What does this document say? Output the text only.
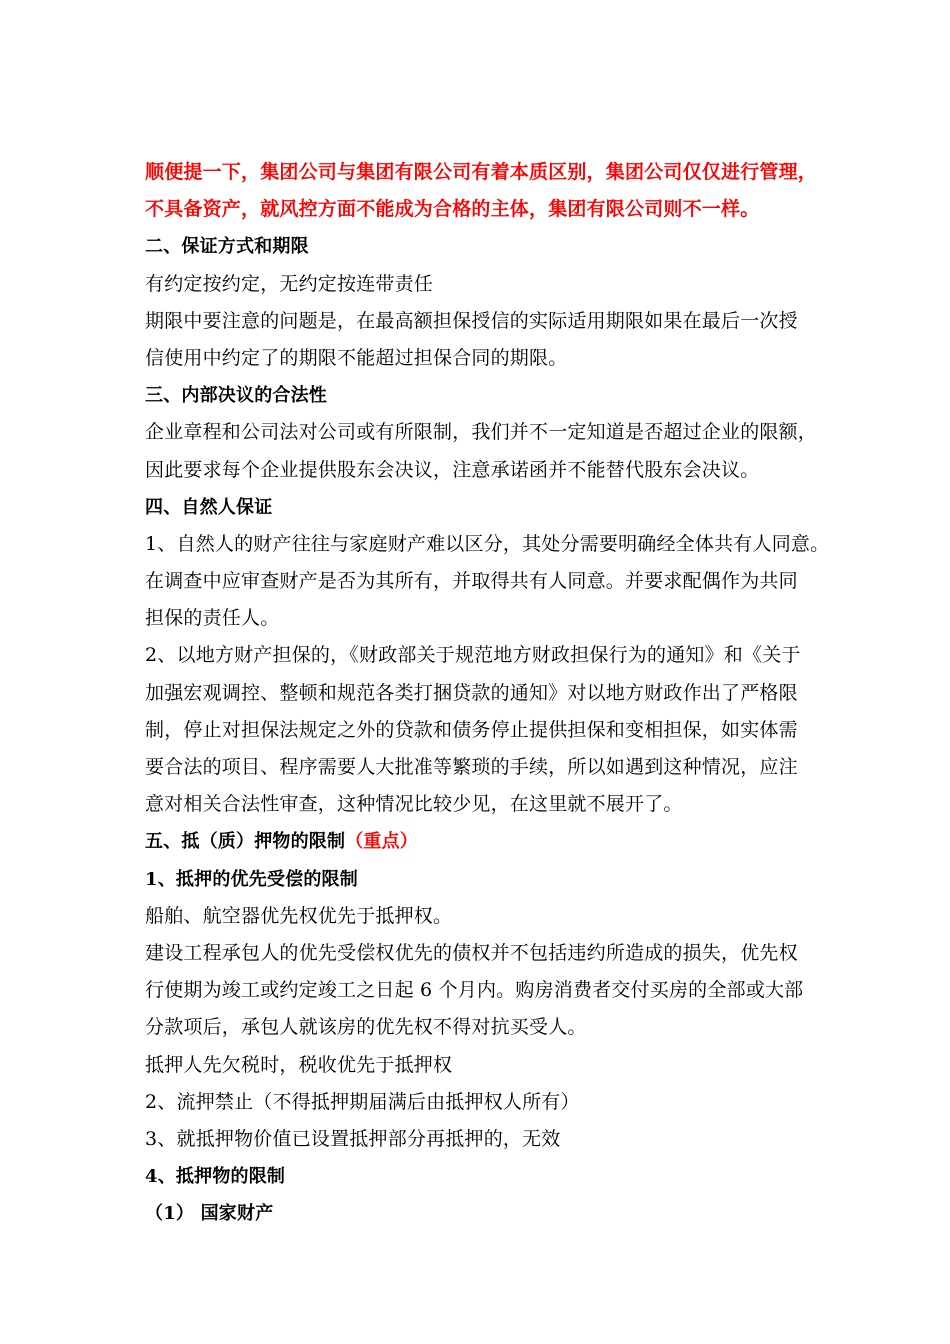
顺便提一下，集团公司与集团有限公司有着本质区别，集团公司仅仅进行管理，
不具备资产，就风控方面不能成为合格的主体，集团有限公司则不一样。
二、保证方式和期限
有约定按约定，无约定按连带责任
期限中要注意的问题是，在最高额担保授信的实际适用期限如果在最后一次授
信使用中约定了的期限不能超过担保合同的期限。
三、内部决议的合法性
企业章程和公司法对公司或有所限制，我们并不一定知道是否超过企业的限额，
因此要求每个企业提供股东会决议，注意承诺函并不能替代股东会决议。
四、自然人保证
1、自然人的财产往往与家庭财产难以区分，其处分需要明确经全体共有人同意。
在调查中应审查财产是否为其所有，并取得共有人同意。并要求配偶作为共同
担保的责任人。
2、以地方财产担保的，《财政部关于规范地方财政担保行为的通知》和《关于
加强宏观调控、整顿和规范各类打捆贷款的通知》对以地方财政作出了严格限
制，停止对担保法规定之外的贷款和债务停止提供担保和变相担保，如实体需
要合法的项目、程序需要人大批准等繁琐的手续，所以如遇到这种情况，应注
意对相关合法性审查，这种情况比较少见，在这里就不展开了。
五、抵（质）押物的限制（重点）
1、抵押的优先受偿的限制
船舶、航空器优先权优先于抵押权。
建设工程承包人的优先受偿权优先的债权并不包括违约所造成的损失，优先权
行使期为竣工或约定竣工之日起 6 个月内。购房消费者交付买房的全部或大部
分款项后，承包人就该房的优先权不得对抗买受人。
抵押人先欠税时，税收优先于抵押权
2、流押禁止（不得抵押期届满后由抵押权人所有）
3、就抵押物价值已设置抵押部分再抵押的，无效
4、抵押物的限制
（1） 国家财产
